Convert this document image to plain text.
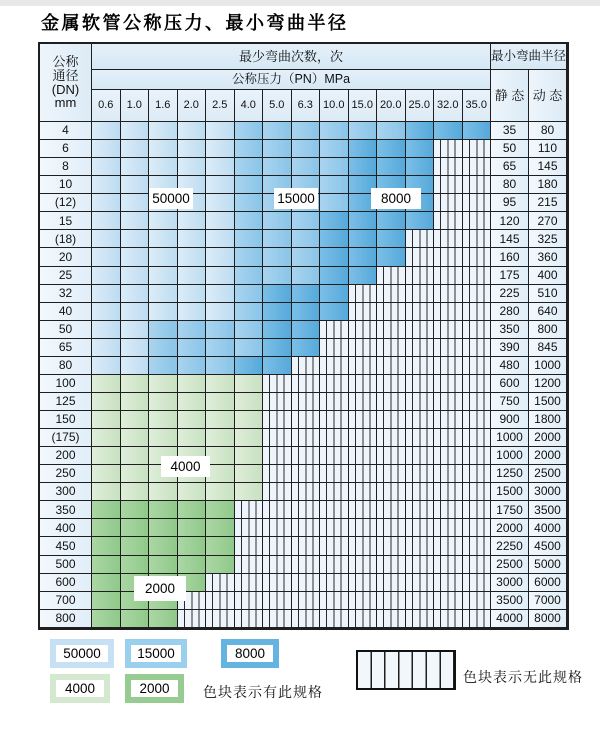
金属软管公称压力、最小弯曲半径
公称
通径
(DN)
mm
最少弯曲次数，次	最小弯曲半径
公称压力（PN）MPa
静 态 动 态
0.6	1.0	1.6	2.0	2.5	4.0	5.0	6.3 10.0 15.0 20.0 25.0 32.0 35.0
4	35	80
6	50	110
8	65	145
10	80	180
(12)	95	215
15	120	270
(18)	145	325
20	160	360
25	175	400
32	225	510
40	280	640
50	350	800
65	390	845
80	480	1000
100	600	1200
125	750	1500
150	900	1800
(175)	1000 2000
200	1000 2000
250	1250 2500
300	1500 3000
350	1750 3500
400	2000 4000
450	2250 4500
500	2500 5000
600	3000 6000
700	3500 7000
800	4000 8000
50000	15000	8000
4000
2000
50000	15000	8000
4000	2000
色块表示无此规格
色块表示有此规格
